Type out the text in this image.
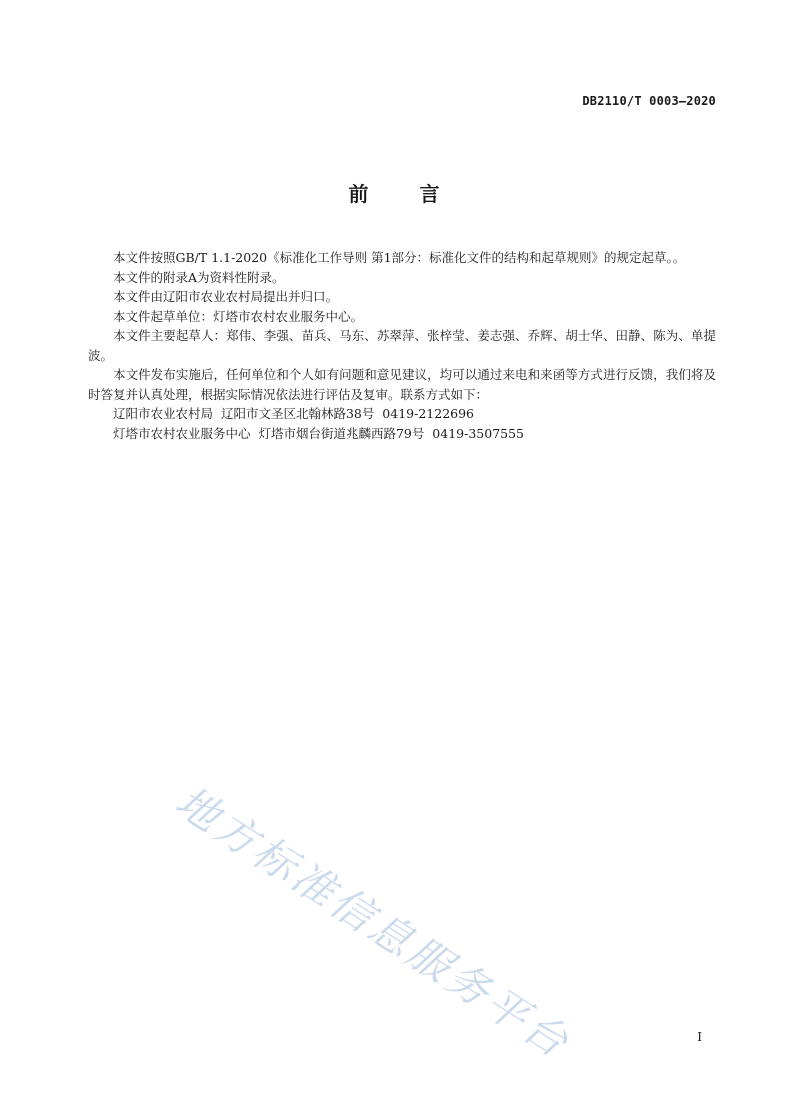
DB2110/T 0003—2020
前 言

本文件按照GB/T 1.1-2020《标准化工作导则 第1部分：标准化文件的结构和起草规则》的规定起草。。

本文件的附录A为资料性附录。

本文件由辽阳市农业农村局提出并归口。

本文件起草单位：灯塔市农村农业服务中心。

本文件主要起草人：郑伟、李强、苗兵、马东、苏翠萍、张梓莹、姜志强、乔辉、胡士华、田静、陈为、单提波。

本文件发布实施后，任何单位和个人如有问题和意见建议，均可以通过来电和来函等方式进行反馈，我们将及时答复并认真处理，根据实际情况依法进行评估及复审。联系方式如下：

辽阳市农业农村局  辽阳市文圣区北翰林路38号  0419-2122696

灯塔市农村农业服务中心  灯塔市烟台街道兆麟西路79号  0419-3507555

地方标准信息服务平台	I
